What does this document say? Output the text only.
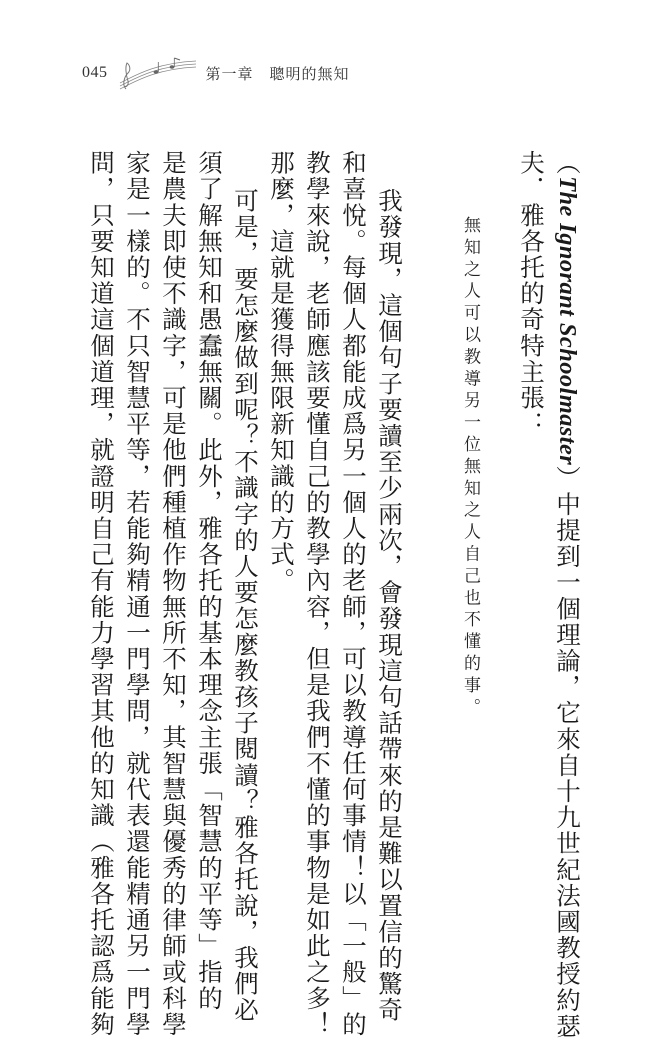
045	第一章　聰明的無知
（The Ignorant Schoolmaster）中提到一個理論，它來自十九世紀法國教授約瑟
夫．雅各托的奇特主張：
無知之人可以教導另一位無知之人自己也不懂的事。
我發現，這個句子要讀至少兩次，會發現這句話帶來的是難以置信的驚奇
和喜悅。每個人都能成爲另一個人的老師，可以教導任何事情！以「一般」的
教學來說，老師應該要懂自己的教學內容，但是我們不懂的事物是如此之多！
那麼，這就是獲得無限新知識的方式。
可是，要怎麼做到呢？不識字的人要怎麼教孩子閱讀？雅各托說，我們必
須了解無知和愚蠢無關。此外，雅各托的基本理念主張「智慧的平等」指的
是農夫即使不識字，可是他們種植作物無所不知，其智慧與優秀的律師或科學
家是一樣的。不只智慧平等，若能夠精通一門學問，就代表還能精通另一門學
問，只要知道這個道理，就證明自己有能力學習其他的知識（雅各托認爲能夠
